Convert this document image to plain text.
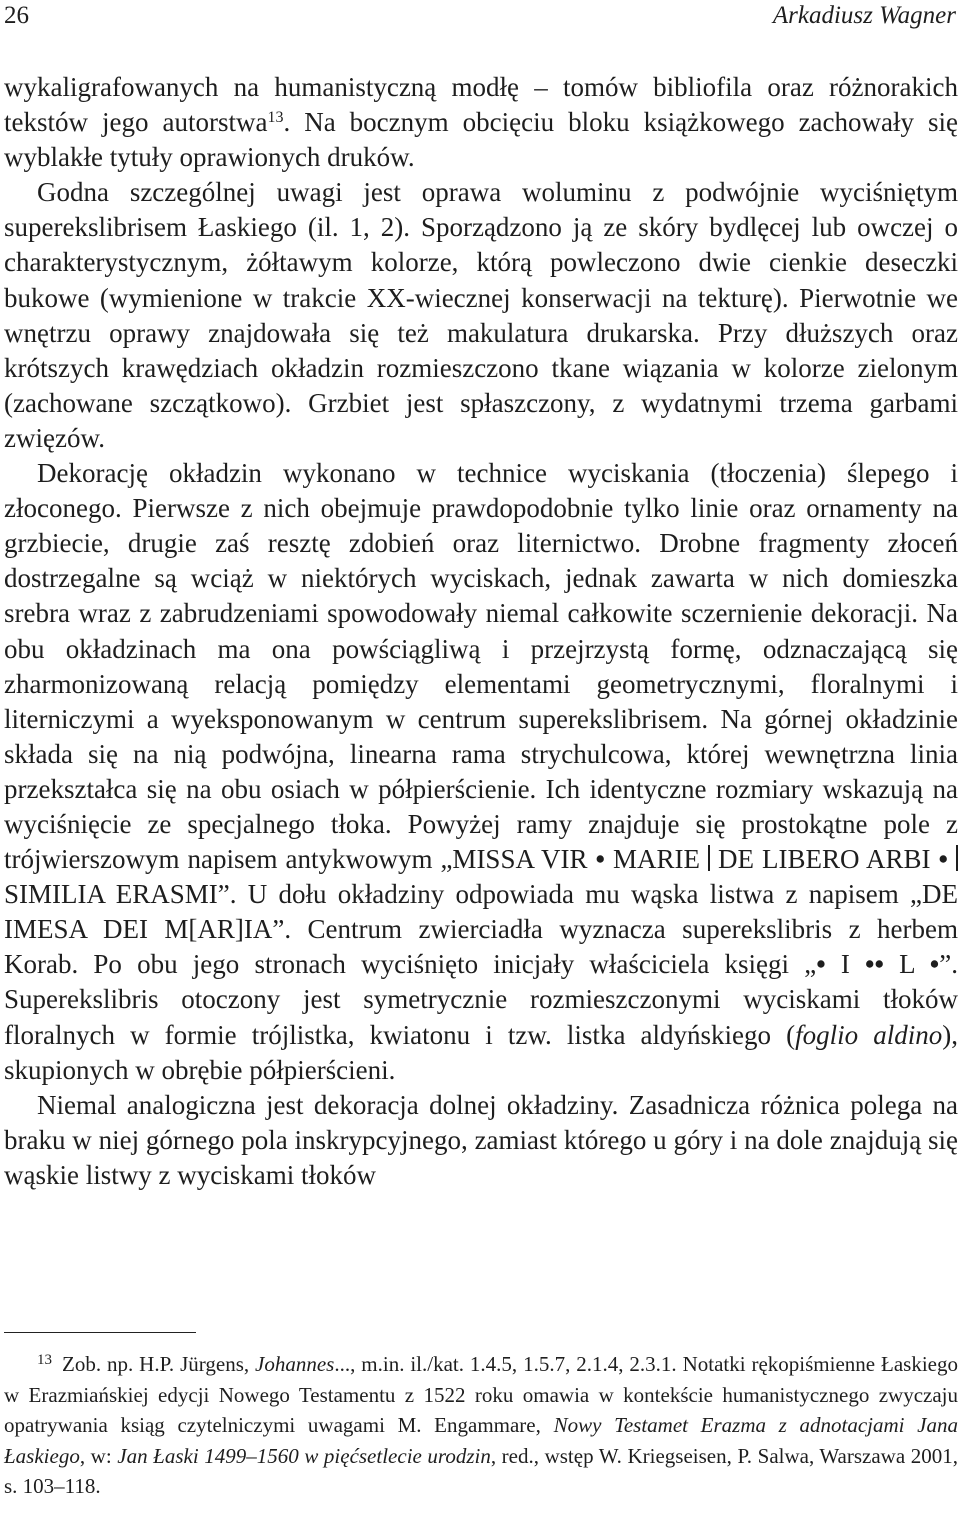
26	Arkadiusz Wagner

wykaligrafowanych na humanistyczną modłę – tomów bibliofila oraz różnorakich tekstów jego autorstwa$^{13}$. Na bocznym obcięciu bloku książkowego zachowały się wyblakłe tytuły oprawionych druków.

Godna szczególnej uwagi jest oprawa woluminu z podwójnie wyciśniętym superekslibrisem Łaskiego (il. 1, 2). Sporządzono ją ze skóry bydlęcej lub owczej o charakterystycznym, żółtawym kolorze, którą powleczono dwie cienkie deseczki bukowe (wymienione w trakcie XX-wiecznej konserwacji na tekturę). Pierwotnie we wnętrzu oprawy znajdowała się też makulatura drukarska. Przy dłuższych oraz krótszych krawędziach okładzin rozmieszczono tkane wiązania w kolorze zielonym (zachowane szczątkowo). Grzbiet jest spłaszczony, z wydatnymi trzema garbami zwięzów.

Dekorację okładzin wykonano w technice wyciskania (tłoczenia) ślepego i złoconego. Pierwsze z nich obejmuje prawdopodobnie tylko linie oraz ornamenty na grzbiecie, drugie zaś resztę zdobień oraz liternictwo. Drobne fragmenty złoceń dostrzegalne są wciąż w niektórych wyciskach, jednak zawarta w nich domieszka srebra wraz z zabrudzeniami spowodowały niemal całkowite sczernienie dekoracji. Na obu okładzinach ma ona powściągliwą i przejrzystą formę, odznaczającą się zharmonizowaną relacją pomiędzy elementami geometrycznymi, floralnymi i literniczymi a wyeksponowanym w centrum superekslibrisem. Na górnej okładzinie składa się na nią podwójna, linearna rama strychulcowa, której wewnętrzna linia przekształca się na obu osiach w półpierścienie. Ich identyczne rozmiary wskazują na wyciśnięcie ze specjalnego tłoka. Powyżej ramy znajduje się prostokątne pole z trójwierszowym napisem antykwowym „MISSA VIR • MARIE  DE LIBERO ARBI •  SIMILIA ERASMI”. U dołu okładziny odpowiada mu wąska listwa z napisem „DE IMESA DEI M[AR]IA”. Centrum zwierciadła wyznacza superekslibris z herbem Korab. Po obu jego stronach wyciśnięto inicjały właściciela księgi „• I •• L •”. Superekslibris otoczony jest symetrycznie rozmieszczonymi wyciskami tłoków floralnych w formie trójlistka, kwiatonu i tzw. listka aldyńskiego (foglio aldino), skupionych w obrębie półpierścieni.

Niemal analogiczna jest dekoracja dolnej okładziny. Zasadnicza różnica polega na braku w niej górnego pola inskrypcyjnego, zamiast którego u góry i na dole znajdują się wąskie listwy z wyciskami tłoków

$^{13}$ Zob. np. H.P. Jürgens, Johannes..., m.in. il./kat. 1.4.5, 1.5.7, 2.1.4, 2.3.1. Notatki rękopiśmienne Łaskiego w Erazmiańskiej edycji Nowego Testamentu z 1522 roku omawia w kontekście humanistycznego zwyczaju opatrywania ksiąg czytelniczymi uwagami M. Engammare, Nowy Testamet Erazma z adnotacjami Jana Łaskiego, w: Jan Łaski 1499–1560 w pięćsetlecie urodzin, red., wstęp W. Kriegseisen, P. Salwa, Warszawa 2001, s. 103–118.
